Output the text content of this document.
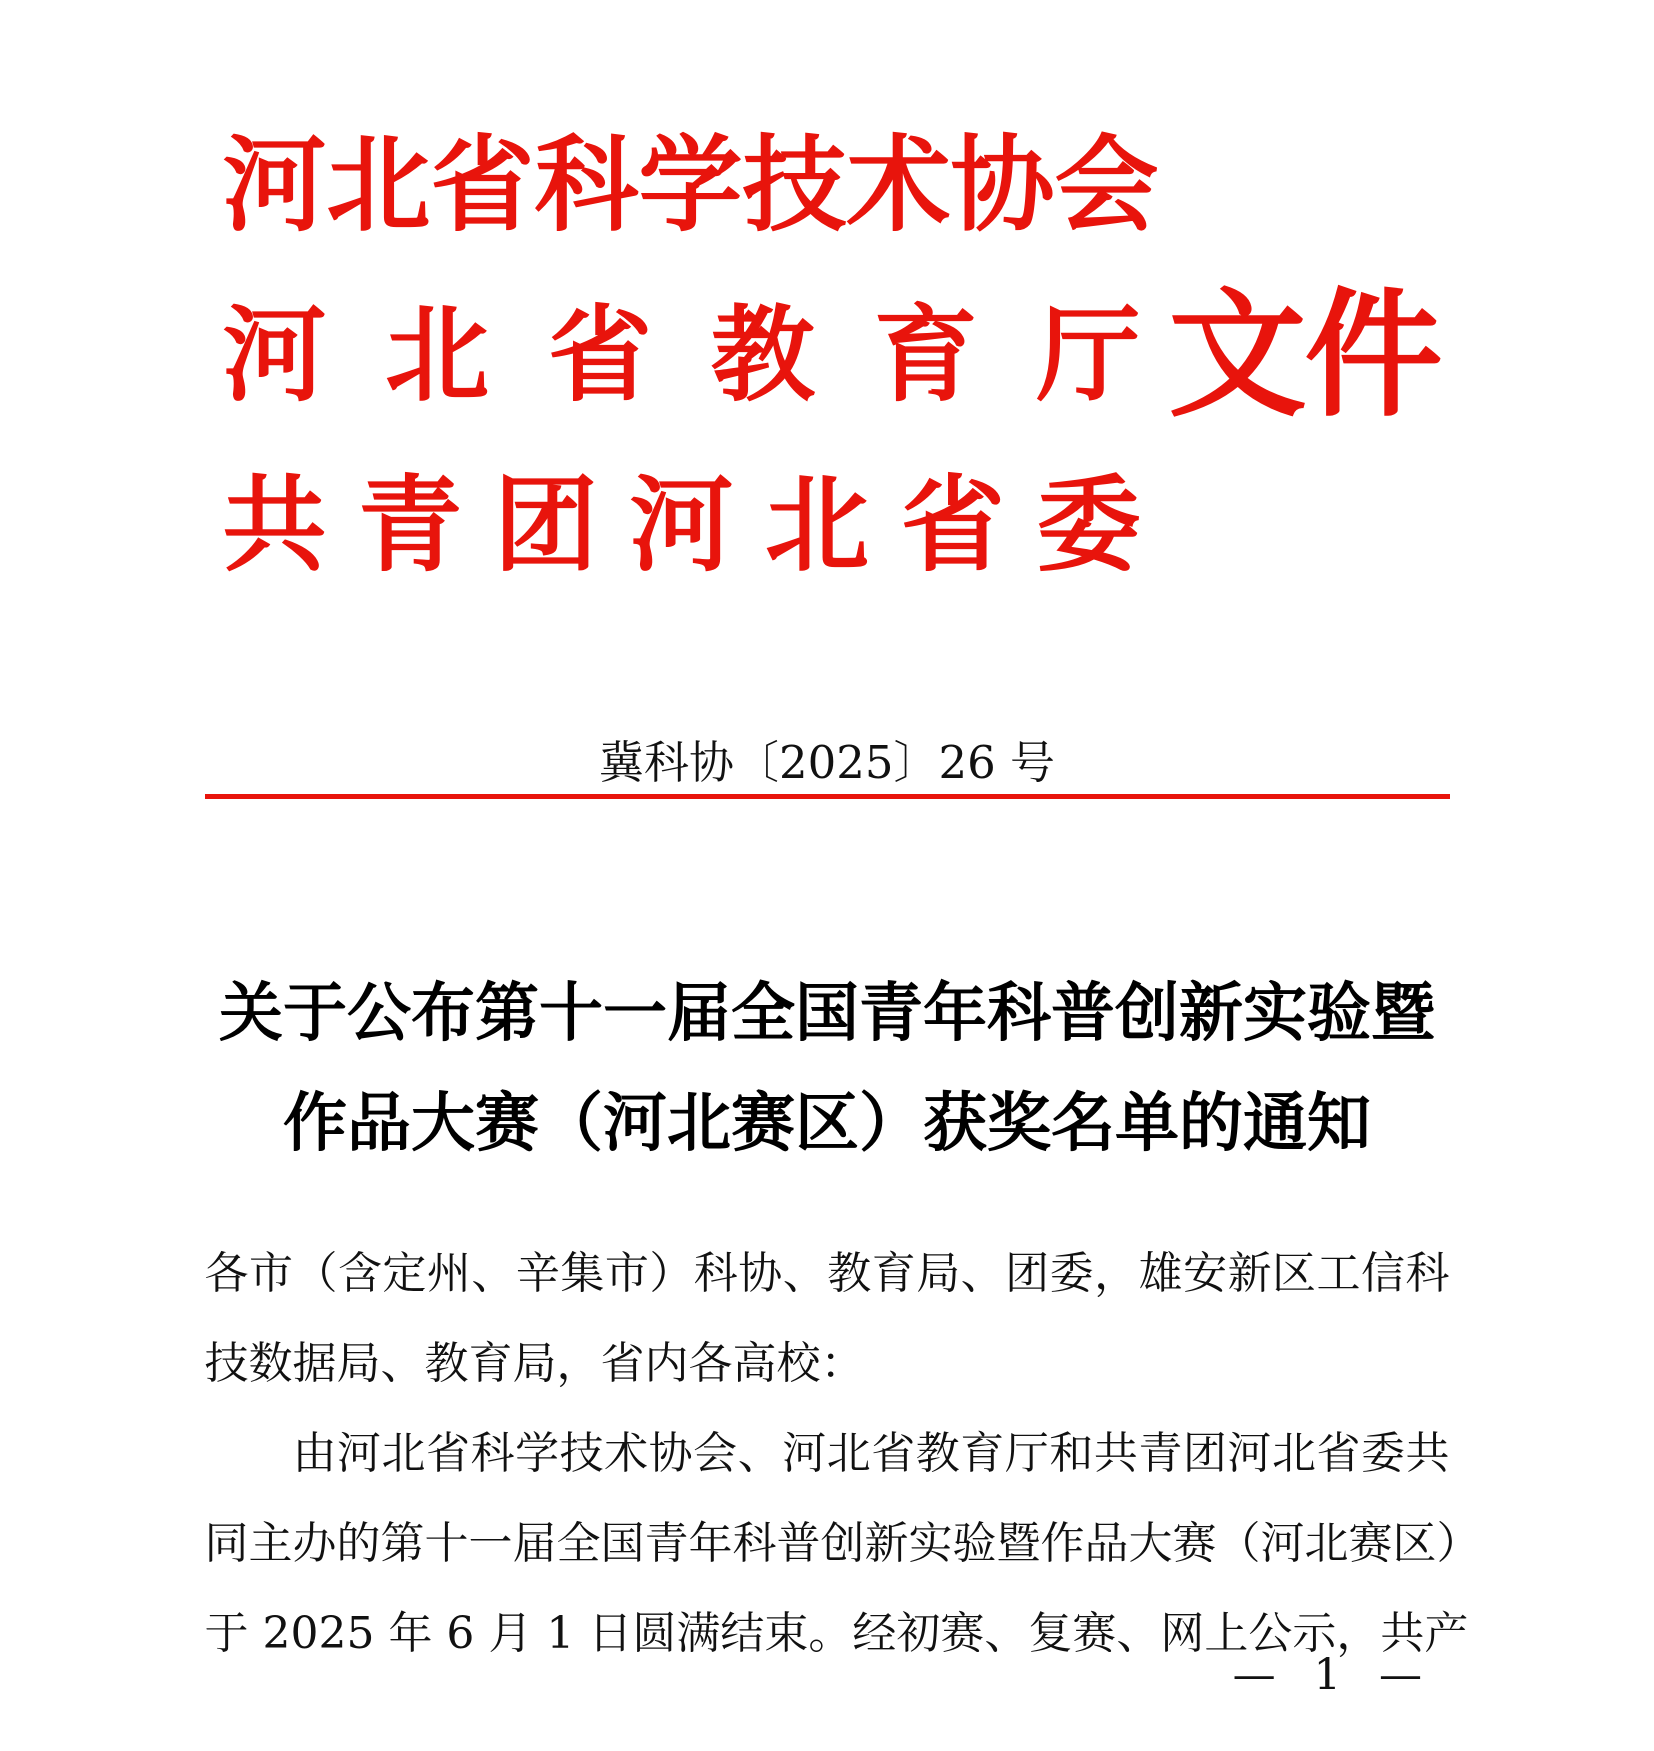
河北省科学技术协会
河北省教育厅
共青团河北省委
文件
冀科协〔2025〕26 号
关于公布第十一届全国青年科普创新实验暨
作品大赛（河北赛区）获奖名单的通知
各市（含定州、辛集市）科协、教育局、团委，雄安新区工信科
技数据局、教育局，省内各高校：
由河北省科学技术协会、河北省教育厅和共青团河北省委共
同主办的第十一届全国青年科普创新实验暨作品大赛（河北赛区）
于 2025 年 6 月 1 日圆满结束。经初赛、复赛、网上公示，共产
— 1 —
